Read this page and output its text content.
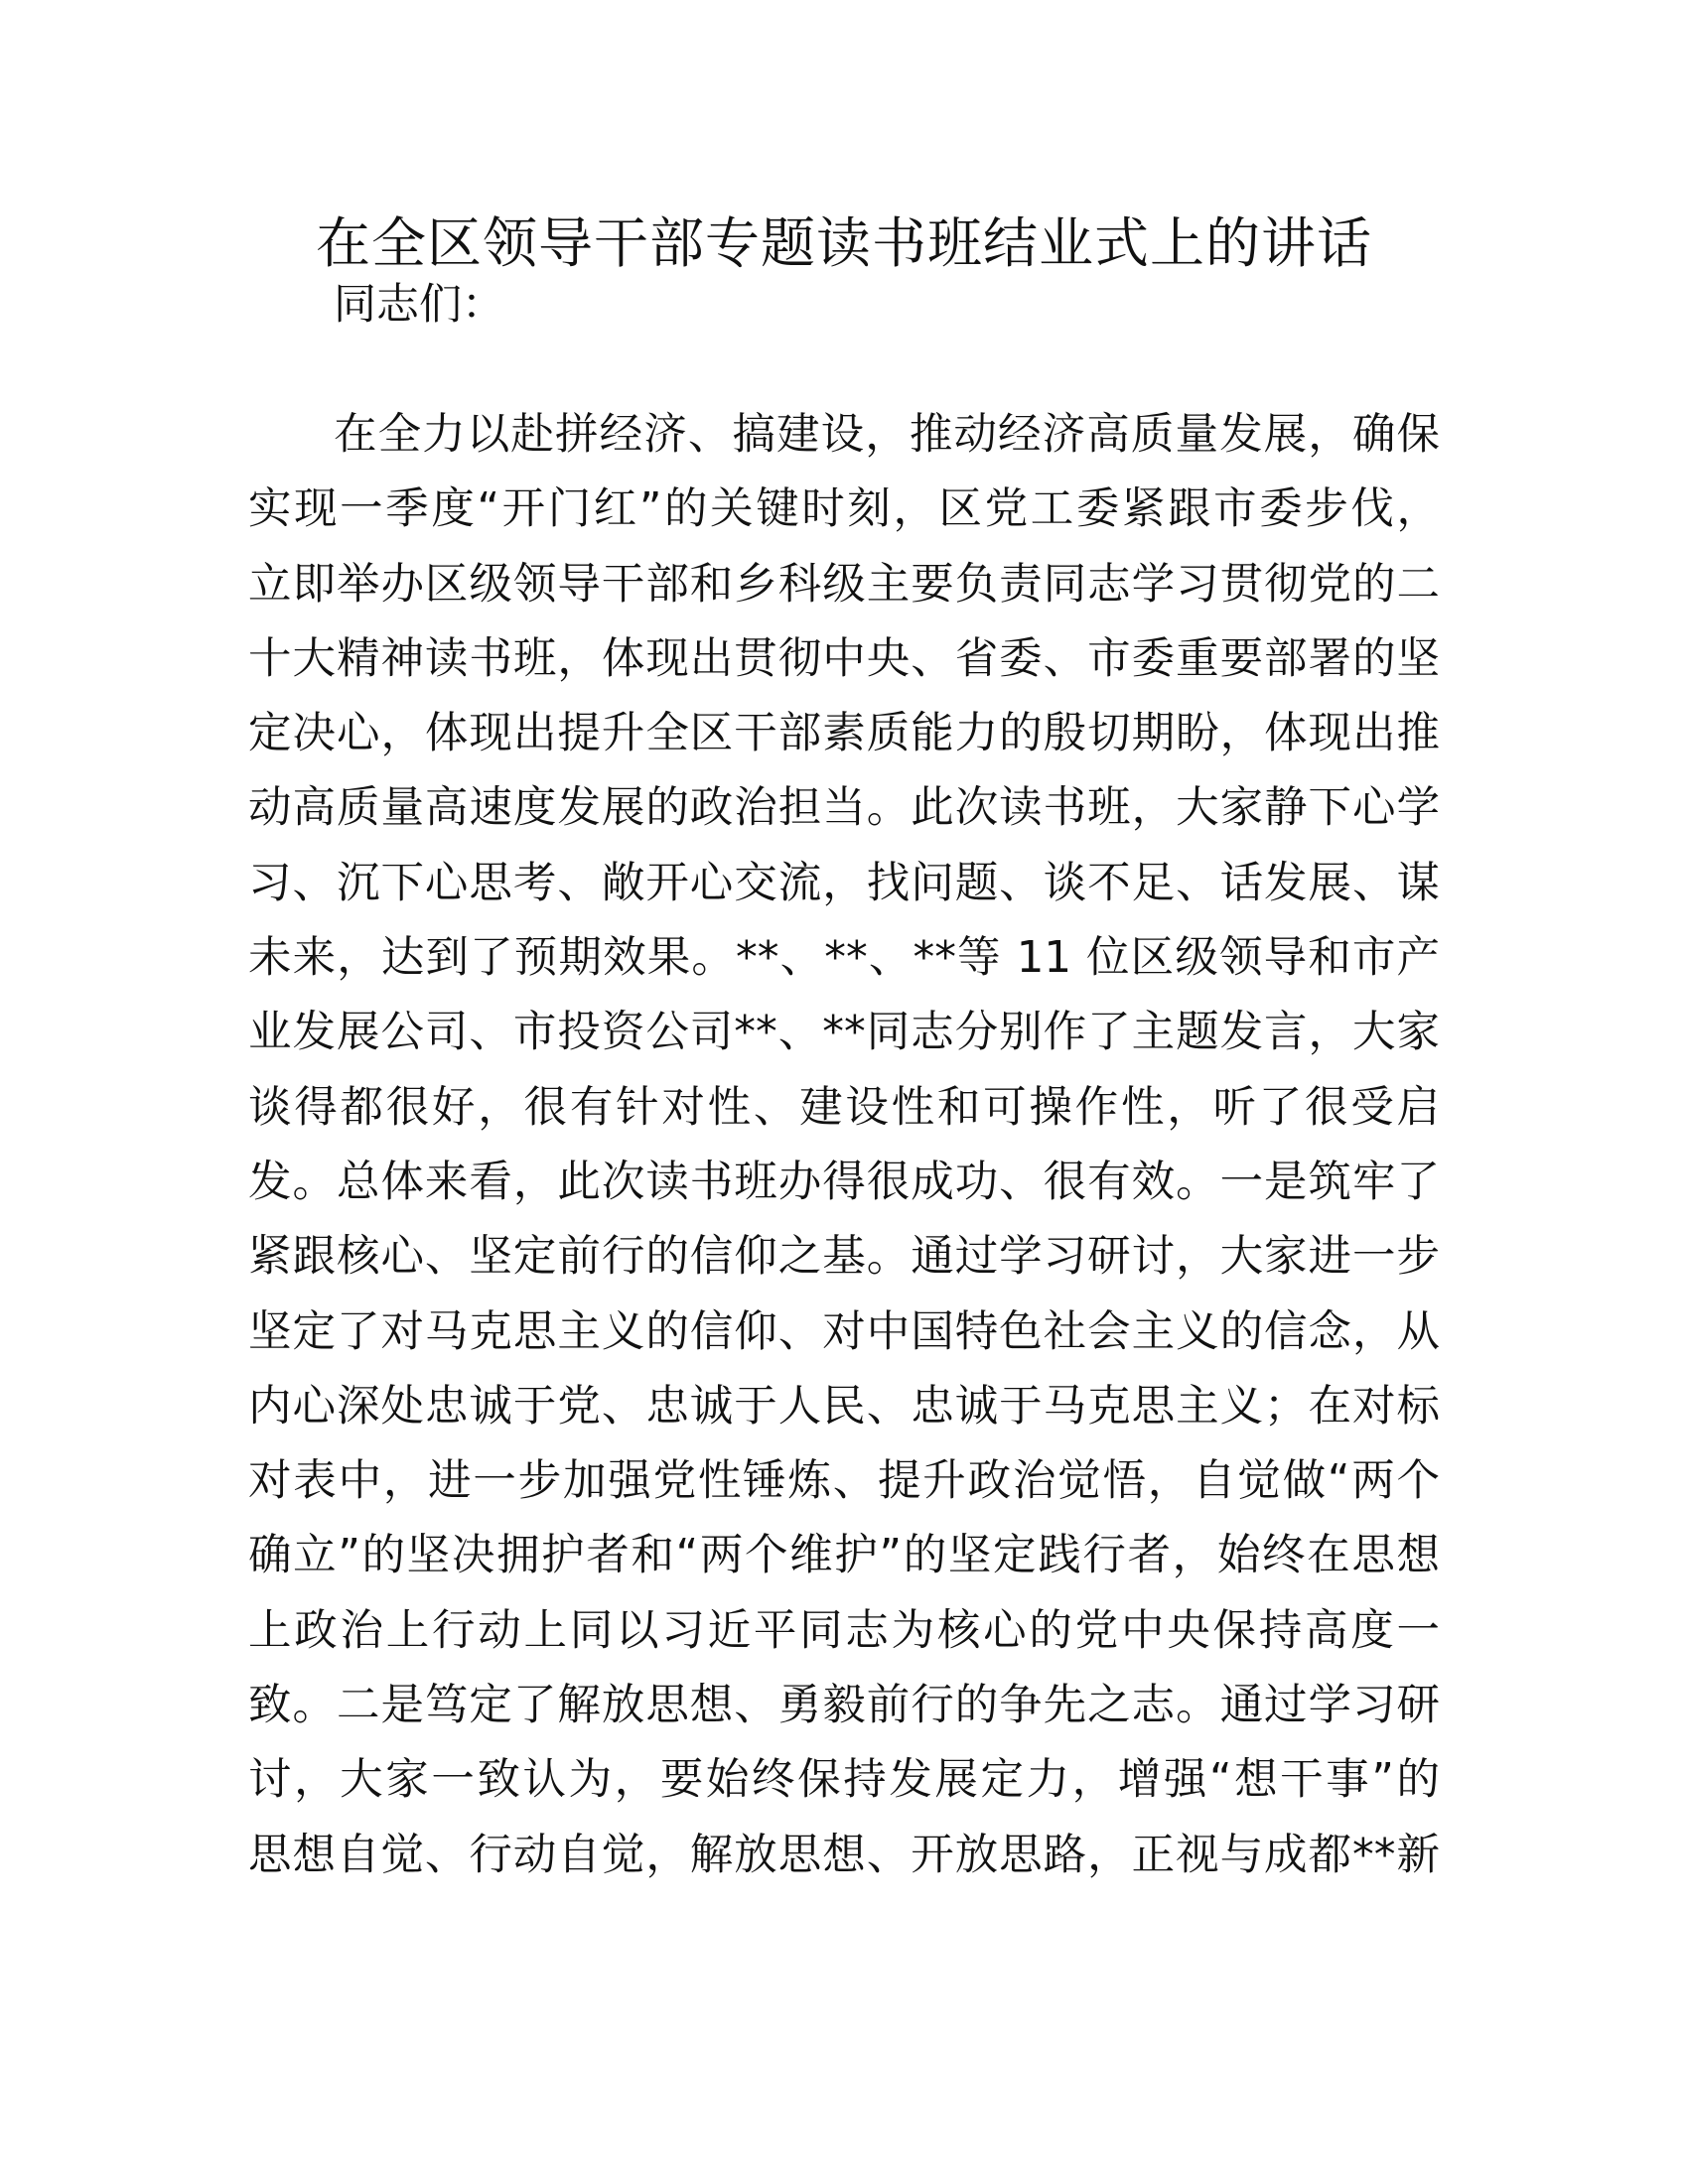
在全区领导干部专题读书班结业式上的讲话
同志们：
在全力以赴拼经济、搞建设，推动经济高质量发展，确保
实现一季度“开门红”的关键时刻，区党工委紧跟市委步伐，
立即举办区级领导干部和乡科级主要负责同志学习贯彻党的二
十大精神读书班，体现出贯彻中央、省委、市委重要部署的坚
定决心，体现出提升全区干部素质能力的殷切期盼，体现出推
动高质量高速度发展的政治担当。此次读书班，大家静下心学
习、沉下心思考、敞开心交流，找问题、谈不足、话发展、谋
未来，达到了预期效果。**、**、**等 11 位区级领导和市产
业发展公司、市投资公司**、**同志分别作了主题发言，大家
谈得都很好，很有针对性、建设性和可操作性，听了很受启
发。总体来看，此次读书班办得很成功、很有效。一是筑牢了
紧跟核心、坚定前行的信仰之基。通过学习研讨，大家进一步
坚定了对马克思主义的信仰、对中国特色社会主义的信念，从
内心深处忠诚于党、忠诚于人民、忠诚于马克思主义；在对标
对表中，进一步加强党性锤炼、提升政治觉悟，自觉做“两个
确立”的坚决拥护者和“两个维护”的坚定践行者，始终在思想
上政治上行动上同以习近平同志为核心的党中央保持高度一
致。二是笃定了解放思想、勇毅前行的争先之志。通过学习研
讨，大家一致认为，要始终保持发展定力，增强“想干事”的
思想自觉、行动自觉，解放思想、开放思路，正视与成都**新
